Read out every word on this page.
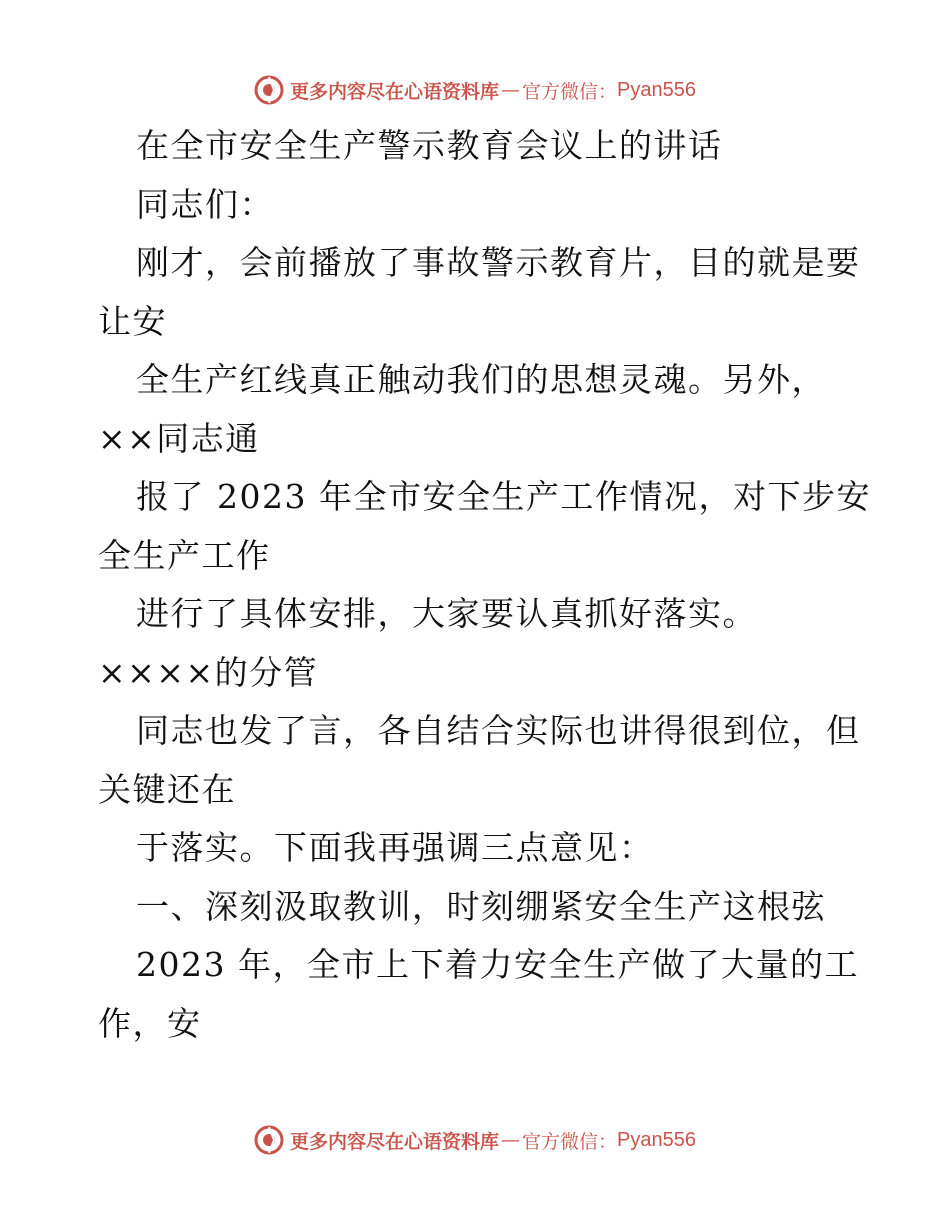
更多内容尽在心语资料库 — 官方微信： Pyan556
在全市安全生产警示教育会议上的讲话
同志们：
刚才，会前播放了事故警示教育片，目的就是要
让安
全生产红线真正触动我们的思想灵魂。另外，
××同志通
报了 2023 年全市安全生产工作情况，对下步安
全生产工作
进行了具体安排，大家要认真抓好落实。
××××的分管
同志也发了言，各自结合实际也讲得很到位，但
关键还在
于落实。下面我再强调三点意见：
一、深刻汲取教训，时刻绷紧安全生产这根弦
2023 年，全市上下着力安全生产做了大量的工
作，安
更多内容尽在心语资料库 — 官方微信： Pyan556
